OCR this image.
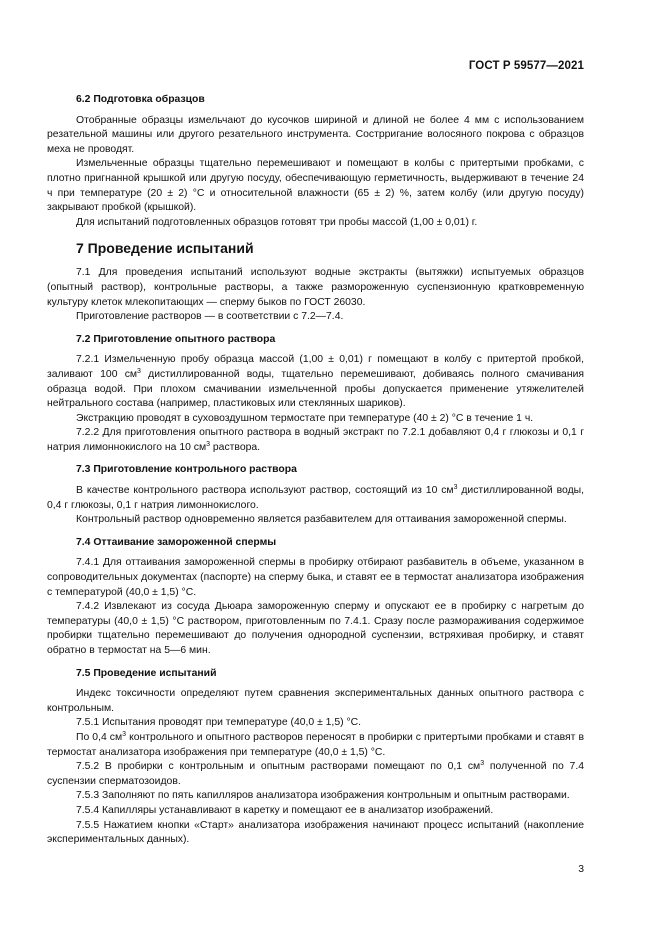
ГОСТ Р 59577—2021
6.2 Подготовка образцов

Отобранные образцы измельчают до кусочков шириной и длиной не более 4 мм с использованием резательной машины или другого резательного инструмента. Сострригание волосяного покрова с образцов меха не проводят.

Измельченные образцы тщательно перемешивают и помещают в колбы с притертыми пробками, с плотно пригнанной крышкой или другую посуду, обеспечивающую герметичность, выдерживают в течение 24 ч при температуре (20 ± 2) °С и относительной влажности (65 ± 2) %, затем колбу (или другую посуду) закрывают пробкой (крышкой).

Для испытаний подготовленных образцов готовят три пробы массой (1,00 ± 0,01) г.

7 Проведение испытаний

7.1 Для проведения испытаний используют водные экстракты (вытяжки) испытуемых образцов (опытный раствор), контрольные растворы, а также размороженную суспензионную кратковременную культуру клеток млекопитающих — сперму быков по ГОСТ 26030.

Приготовление растворов — в соответствии с 7.2—7.4.

7.2 Приготовление опытного раствора

7.2.1 Измельченную пробу образца массой (1,00 ± 0,01) г помещают в колбу с притертой пробкой, заливают 100 $см^3$ дистиллированной воды, тщательно перемешивают, добиваясь полного смачивания образца водой. При плохом смачивании измельченной пробы допускается применение утяжелителей нейтрального состава (например, пластиковых или стеклянных шариков).

Экстракцию проводят в суховоздушном термостате при температуре (40 ± 2) °С в течение 1 ч.

7.2.2 Для приготовления опытного раствора в водный экстракт по 7.2.1 добавляют 0,4 г глюкозы и 0,1 г натрия лимоннокислого на 10 $см^3$ раствора.

7.3 Приготовление контрольного раствора

В качестве контрольного раствора используют раствор, состоящий из 10 $см^3$ дистиллированной воды, 0,4 г глюкозы, 0,1 г натрия лимоннокислого.

Контрольный раствор одновременно является разбавителем для оттаивания замороженной спермы.

7.4 Оттаивание замороженной спермы

7.4.1 Для оттаивания замороженной спермы в пробирку отбирают разбавитель в объеме, указанном в сопроводительных документах (паспорте) на сперму быка, и ставят ее в термостат анализатора изображения с температурой (40,0 ± 1,5) °С.

7.4.2 Извлекают из сосуда Дьюара замороженную сперму и опускают ее в пробирку с нагретым до температуры (40,0 ± 1,5) °С раствором, приготовленным по 7.4.1. Сразу после размораживания содержимое пробирки тщательно перемешивают до получения однородной суспензии, встряхивая пробирку, и ставят обратно в термостат на 5—6 мин.

7.5 Проведение испытаний

Индекс токсичности определяют путем сравнения экспериментальных данных опытного раствора с контрольным.

7.5.1 Испытания проводят при температуре (40,0 ± 1,5) °С.

По 0,4 $см^3$ контрольного и опытного растворов переносят в пробирки с притертыми пробками и ставят в термостат анализатора изображения при температуре (40,0 ± 1,5) °С.

7.5.2 В пробирки с контрольным и опытным растворами помещают по 0,1 $см^3$ полученной по 7.4 суспензии сперматозоидов.

7.5.3 Заполняют по пять капилляров анализатора изображения контрольным и опытным растворами.

7.5.4 Капилляры устанавливают в каретку и помещают ее в анализатор изображений.

7.5.5 Нажатием кнопки «Старт» анализатора изображения начинают процесс испытаний (накопление экспериментальных данных).

3
